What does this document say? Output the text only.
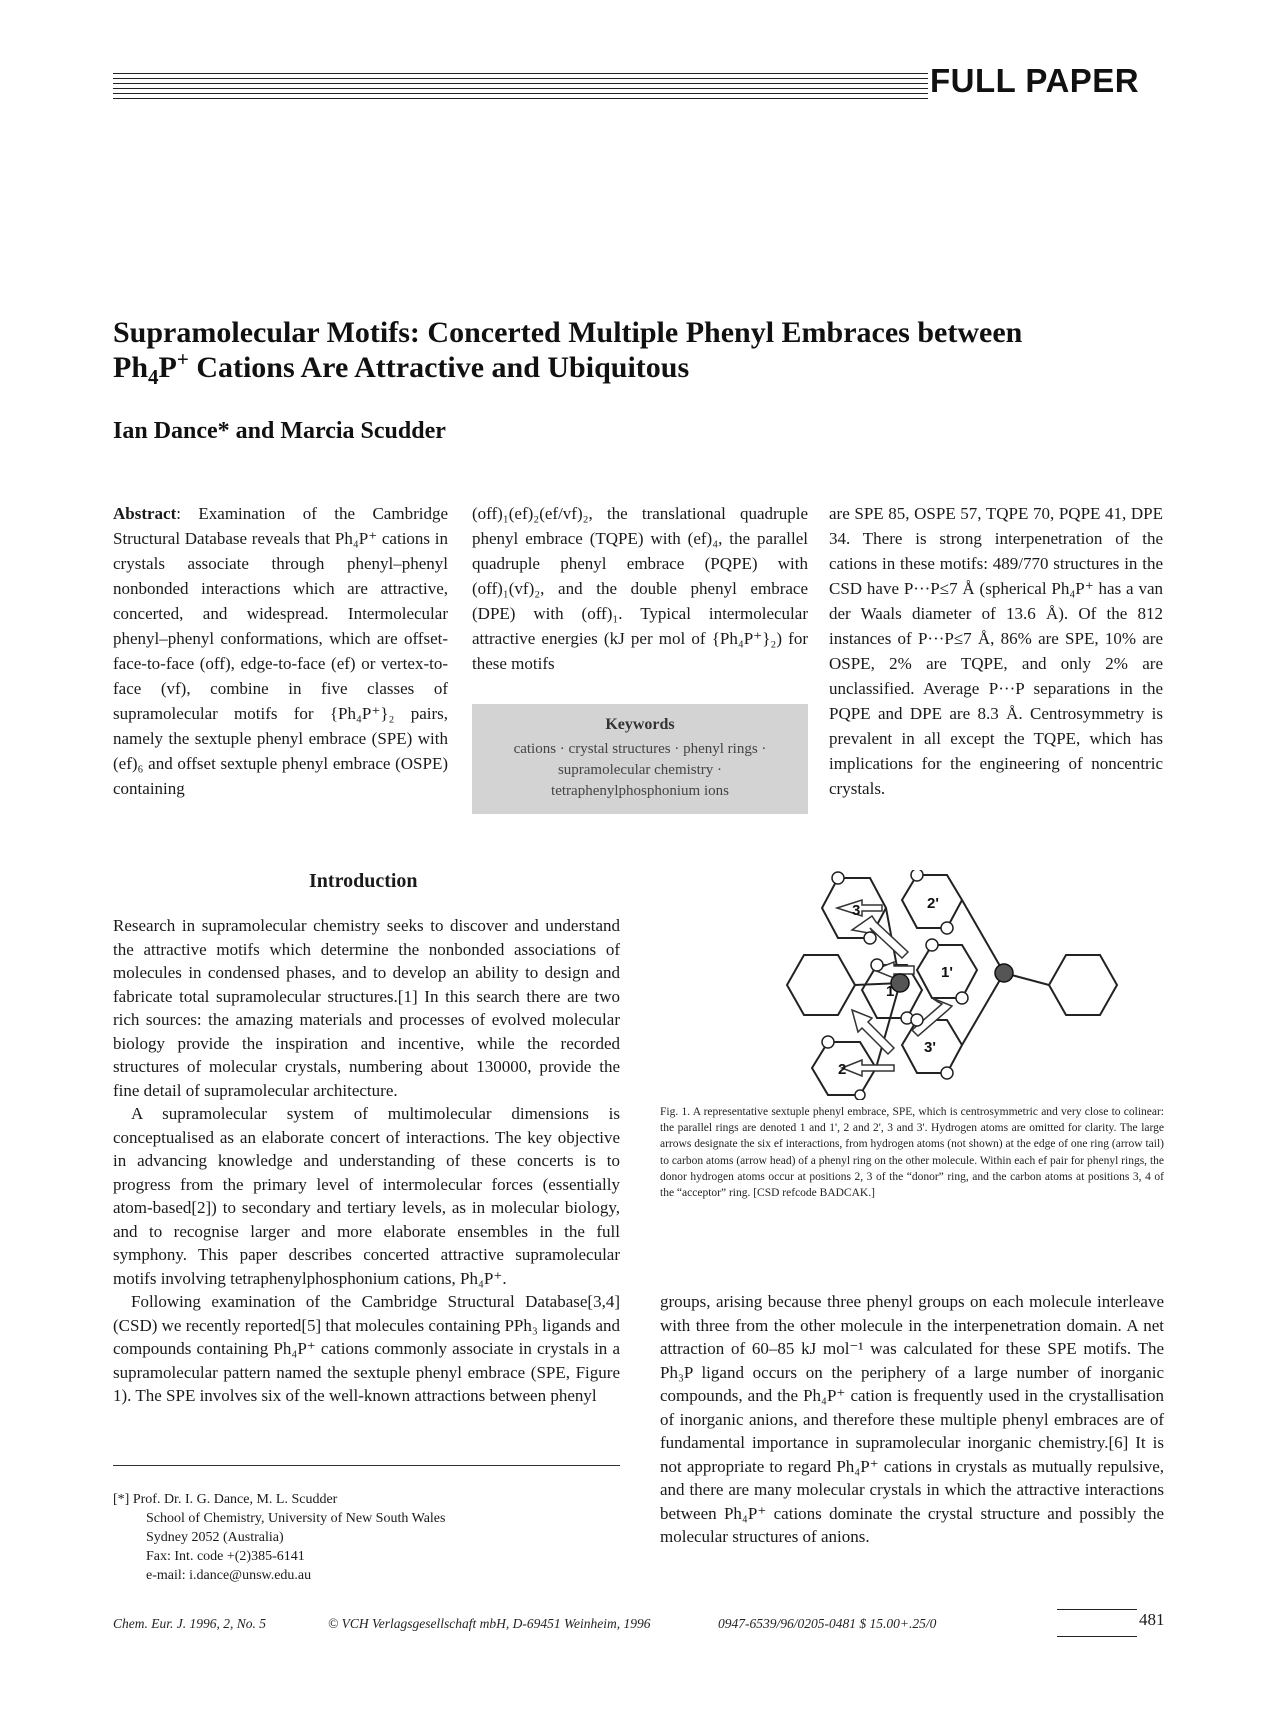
FULL PAPER
Supramolecular Motifs: Concerted Multiple Phenyl Embraces between
$Ph_4P^+$ Cations Are Attractive and Ubiquitous
Ian Dance* and Marcia Scudder
Abstract: Examination of the Cambridge Structural Database reveals that Ph₄P⁺ cations in crystals associate through phenyl–phenyl nonbonded interactions which are attractive, concerted, and widespread. Intermolecular phenyl–phenyl conformations, which are offset-face-to-face (off), edge-to-face (ef) or vertex-to-face (vf), combine in five classes of supramolecular motifs for {Ph₄P⁺}₂ pairs, namely the sextuple phenyl embrace (SPE) with (ef)₆ and offset sextuple phenyl embrace (OSPE) containing
(off)₁(ef)₂(ef/vf)₂, the translational quadruple phenyl embrace (TQPE) with (ef)₄, the parallel quadruple phenyl embrace (PQPE) with (off)₁(vf)₂, and the double phenyl embrace (DPE) with (off)₁. Typical intermolecular attractive energies (kJ per mol of {Ph₄P⁺}₂) for these motifs
are SPE 85, OSPE 57, TQPE 70, PQPE 41, DPE 34. There is strong interpenetration of the cations in these motifs: 489/770 structures in the CSD have P···P≤7 Å (spherical Ph₄P⁺ has a van der Waals diameter of 13.6 Å). Of the 812 instances of P···P≤7 Å, 86% are SPE, 10% are OSPE, 2% are TQPE, and only 2% are unclassified. Average P···P separations in the PQPE and DPE are 8.3 Å. Centrosymmetry is prevalent in all except the TQPE, which has implications for the engineering of noncentric crystals.
Keywords
cations · crystal structures · phenyl rings · supramolecular chemistry · tetraphenylphosphonium ions
Introduction

Research in supramolecular chemistry seeks to discover and understand the attractive motifs which determine the nonbonded associations of molecules in condensed phases, and to develop an ability to design and fabricate total supramolecular structures.[1] In this search there are two rich sources: the amazing materials and processes of evolved molecular biology provide the inspiration and incentive, while the recorded structures of molecular crystals, numbering about 130000, provide the fine detail of supramolecular architecture.

A supramolecular system of multimolecular dimensions is conceptualised as an elaborate concert of interactions. The key objective in advancing knowledge and understanding of these concerts is to progress from the primary level of intermolecular forces (essentially atom-based[2]) to secondary and tertiary levels, as in molecular biology, and to recognise larger and more elaborate ensembles in the full symphony. This paper describes concerted attractive supramolecular motifs involving tetraphenylphosphonium cations, Ph₄P⁺.

Following examination of the Cambridge Structural Database[3,4] (CSD) we recently reported[5] that molecules containing PPh₃ ligands and compounds containing Ph₄P⁺ cations commonly associate in crystals in a supramolecular pattern named the sextuple phenyl embrace (SPE, Figure 1). The SPE involves six of the well-known attractions between phenyl

3	2'
1'
1
3'
2
Fig. 1. A representative sextuple phenyl embrace, SPE, which is centrosymmetric and very close to colinear: the parallel rings are denoted 1 and 1', 2 and 2', 3 and 3'. Hydrogen atoms are omitted for clarity. The large arrows designate the six ef interactions, from hydrogen atoms (not shown) at the edge of one ring (arrow tail) to carbon atoms (arrow head) of a phenyl ring on the other molecule. Within each ef pair for phenyl rings, the donor hydrogen atoms occur at positions 2, 3 of the “donor” ring, and the carbon atoms at positions 3, 4 of the “acceptor” ring. [CSD refcode BADCAK.]
groups, arising because three phenyl groups on each molecule interleave with three from the other molecule in the interpenetration domain. A net attraction of 60–85 kJ mol⁻¹ was calculated for these SPE motifs. The Ph₃P ligand occurs on the periphery of a large number of inorganic compounds, and the Ph₄P⁺ cation is frequently used in the crystallisation of inorganic anions, and therefore these multiple phenyl embraces are of fundamental importance in supramolecular inorganic chemistry.[6] It is not appropriate to regard Ph₄P⁺ cations in crystals as mutually repulsive, and there are many molecular crystals in which the attractive interactions between Ph₄P⁺ cations dominate the crystal structure and possibly the molecular structures of anions.
[*] Prof. Dr. I. G. Dance, M. L. Scudder
School of Chemistry, University of New South Wales
Sydney 2052 (Australia)
Fax: Int. code +(2)385-6141
e-mail: i.dance@unsw.edu.au
Chem. Eur. J. 1996, 2, No. 5	© VCH Verlagsgesellschaft mbH, D-69451 Weinheim, 1996	0947-6539/96/0205-0481 $ 15.00+.25/0	481
